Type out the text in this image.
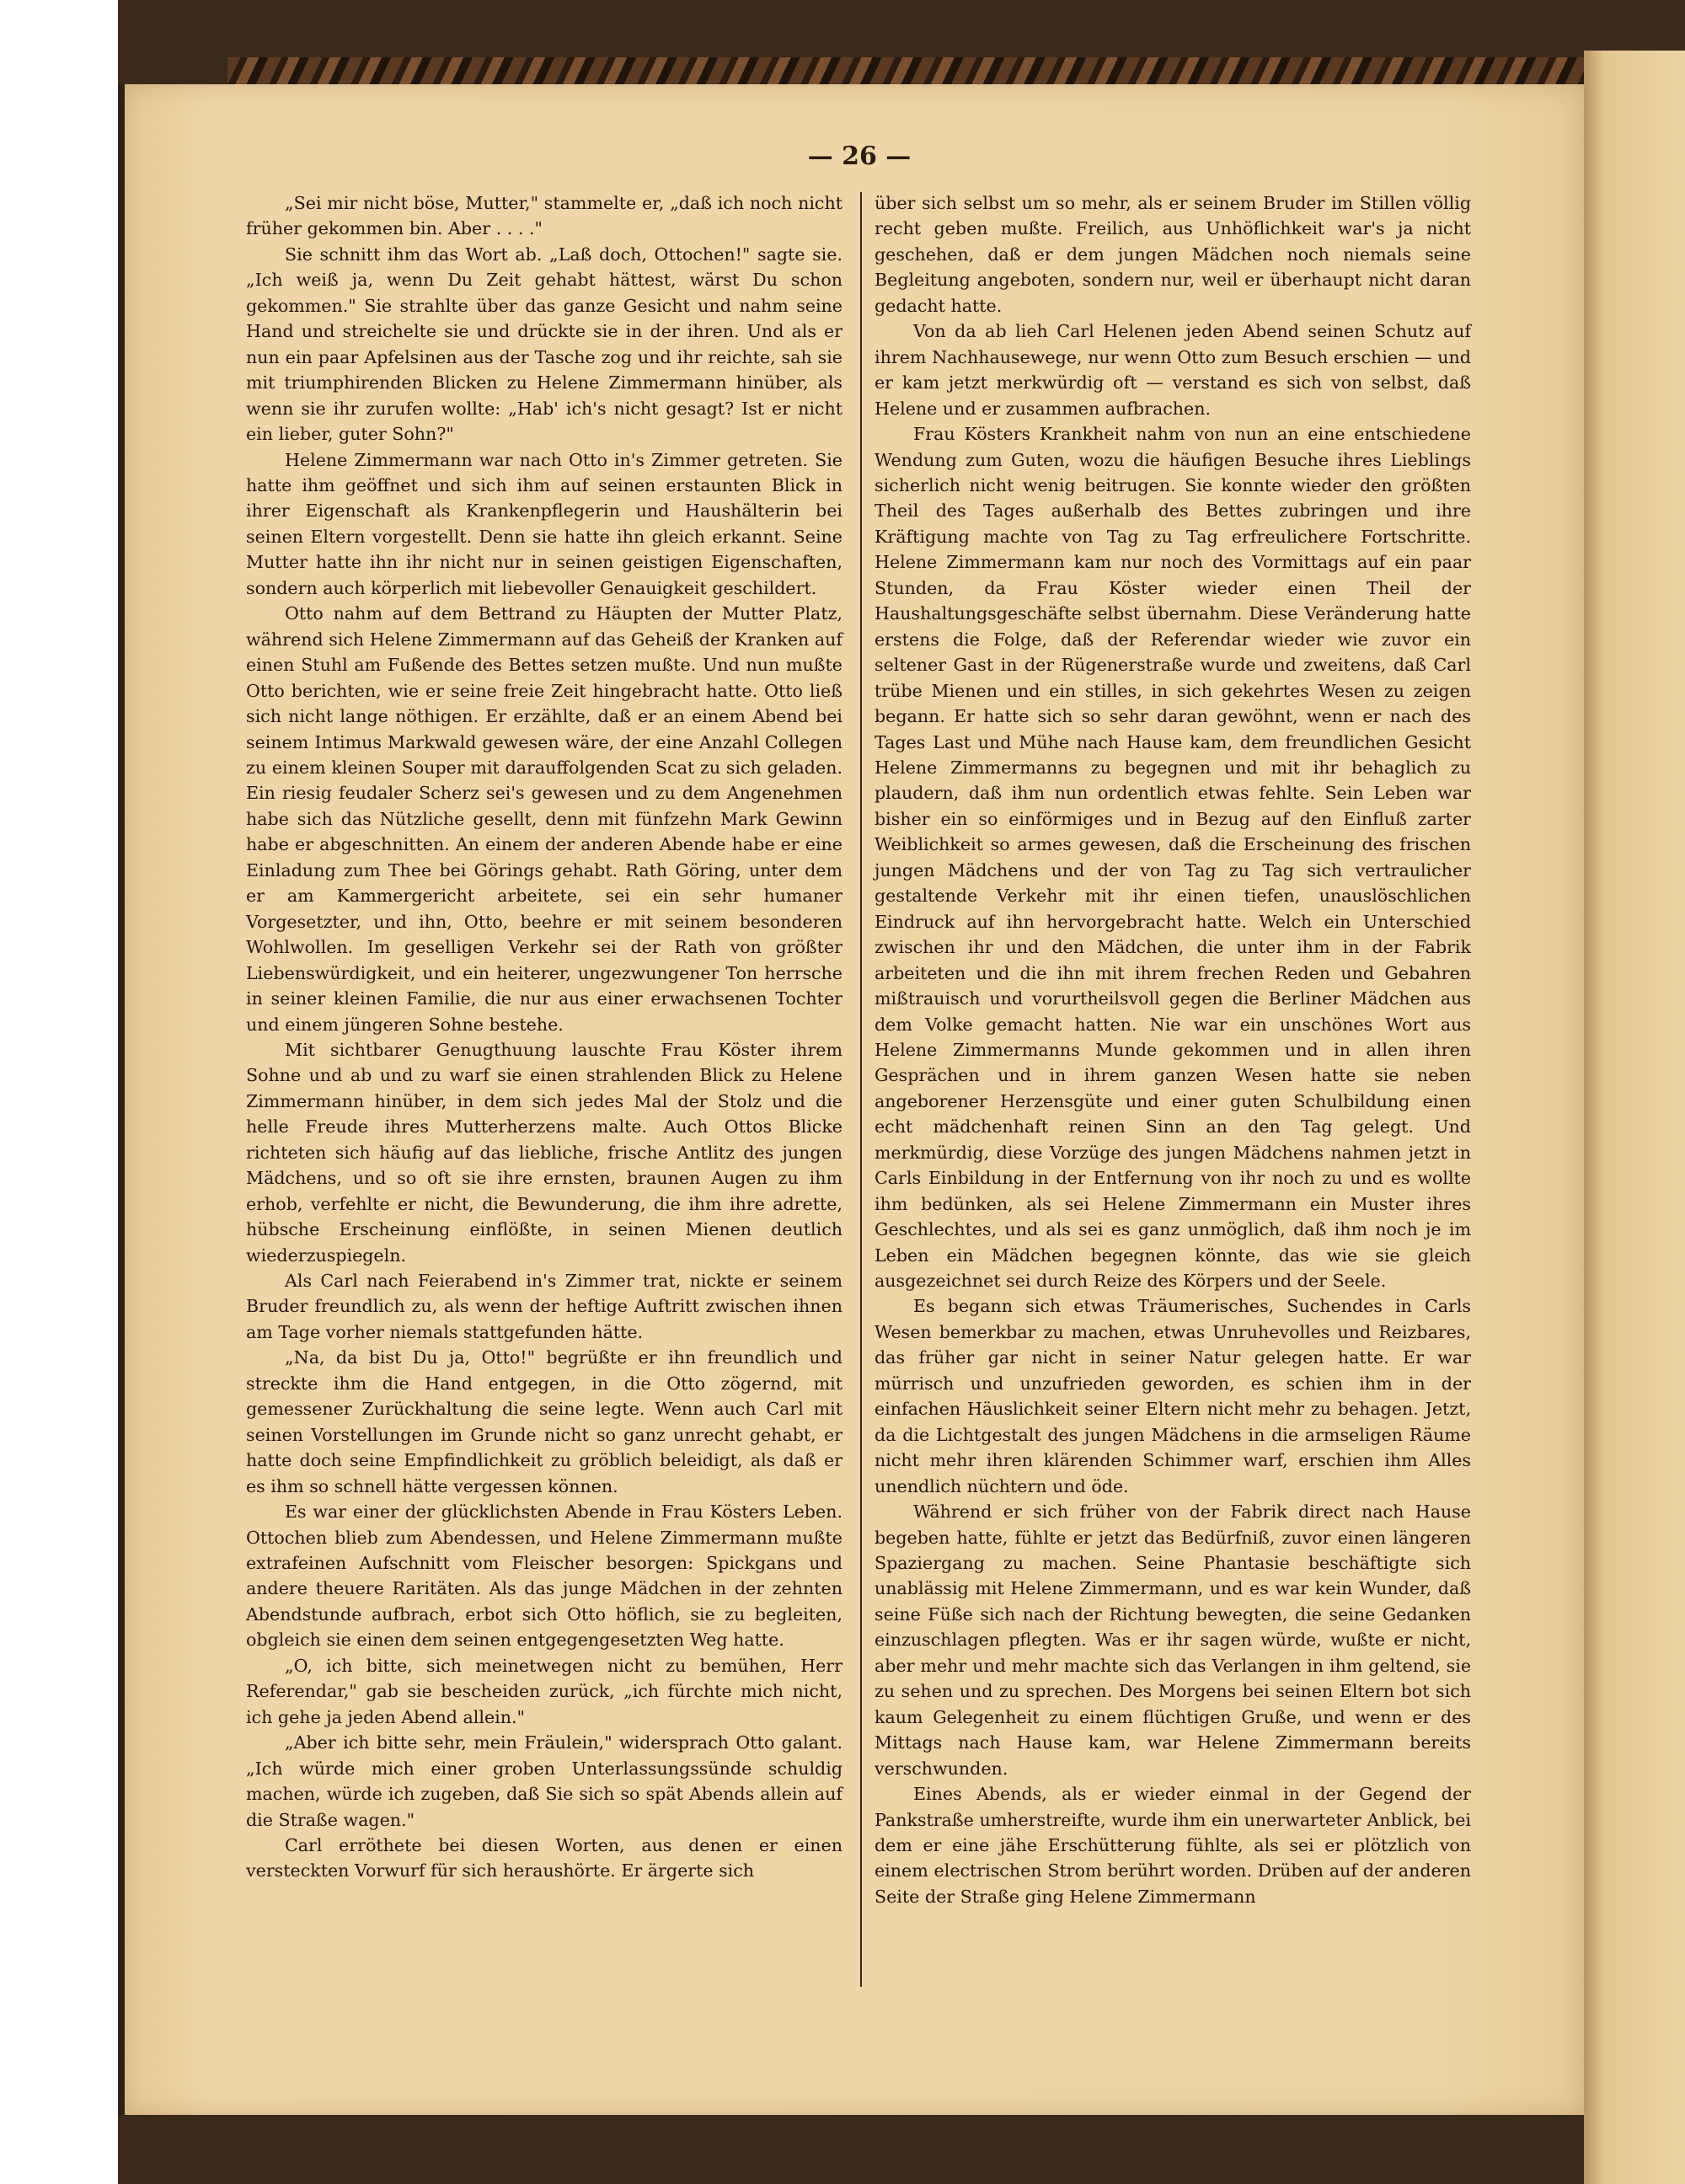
— 26 —

„Sei mir nicht böse, Mutter," stammelte er, „daß ich noch nicht früher gekommen bin. Aber . . . ."

Sie schnitt ihm das Wort ab. „Laß doch, Ottochen!" sagte sie. „Ich weiß ja, wenn Du Zeit gehabt hättest, wärst Du schon gekommen." Sie strahlte über das ganze Gesicht und nahm seine Hand und streichelte sie und drückte sie in der ihren. Und als er nun ein paar Apfelsinen aus der Tasche zog und ihr reichte, sah sie mit triumphirenden Blicken zu Helene Zimmermann hinüber, als wenn sie ihr zurufen wollte: „Hab' ich's nicht gesagt? Ist er nicht ein lieber, guter Sohn?"

Helene Zimmermann war nach Otto in's Zimmer getreten. Sie hatte ihm geöffnet und sich ihm auf seinen erstaunten Blick in ihrer Eigenschaft als Krankenpflegerin und Haushälterin bei seinen Eltern vorgestellt. Denn sie hatte ihn gleich erkannt. Seine Mutter hatte ihn ihr nicht nur in seinen geistigen Eigenschaften, sondern auch körperlich mit liebevoller Genauigkeit geschildert.

Otto nahm auf dem Bettrand zu Häupten der Mutter Platz, während sich Helene Zimmermann auf das Geheiß der Kranken auf einen Stuhl am Fußende des Bettes setzen mußte. Und nun mußte Otto berichten, wie er seine freie Zeit hingebracht hatte. Otto ließ sich nicht lange nöthigen. Er erzählte, daß er an einem Abend bei seinem Intimus Markwald gewesen wäre, der eine Anzahl Collegen zu einem kleinen Souper mit darauffolgenden Scat zu sich geladen. Ein riesig feudaler Scherz sei's gewesen und zu dem Angenehmen habe sich das Nützliche gesellt, denn mit fünfzehn Mark Gewinn habe er abgeschnitten. An einem der anderen Abende habe er eine Einladung zum Thee bei Görings gehabt. Rath Göring, unter dem er am Kammergericht arbeitete, sei ein sehr humaner Vorgesetzter, und ihn, Otto, beehre er mit seinem besonderen Wohlwollen. Im geselligen Verkehr sei der Rath von größter Liebenswürdigkeit, und ein heiterer, ungezwungener Ton herrsche in seiner kleinen Familie, die nur aus einer erwachsenen Tochter und einem jüngeren Sohne bestehe.

Mit sichtbarer Genugthuung lauschte Frau Köster ihrem Sohne und ab und zu warf sie einen strahlenden Blick zu Helene Zimmermann hinüber, in dem sich jedes Mal der Stolz und die helle Freude ihres Mutterherzens malte. Auch Ottos Blicke richteten sich häufig auf das liebliche, frische Antlitz des jungen Mädchens, und so oft sie ihre ernsten, braunen Augen zu ihm erhob, verfehlte er nicht, die Bewunderung, die ihm ihre adrette, hübsche Erscheinung einflößte, in seinen Mienen deutlich wiederzuspiegeln.

Als Carl nach Feierabend in's Zimmer trat, nickte er seinem Bruder freundlich zu, als wenn der heftige Auftritt zwischen ihnen am Tage vorher niemals stattgefunden hätte.

„Na, da bist Du ja, Otto!" begrüßte er ihn freundlich und streckte ihm die Hand entgegen, in die Otto zögernd, mit gemessener Zurückhaltung die seine legte. Wenn auch Carl mit seinen Vorstellungen im Grunde nicht so ganz unrecht gehabt, er hatte doch seine Empfindlichkeit zu gröblich beleidigt, als daß er es ihm so schnell hätte vergessen können.

Es war einer der glücklichsten Abende in Frau Kösters Leben. Ottochen blieb zum Abendessen, und Helene Zimmermann mußte extrafeinen Aufschnitt vom Fleischer besorgen: Spickgans und andere theuere Raritäten. Als das junge Mädchen in der zehnten Abendstunde aufbrach, erbot sich Otto höflich, sie zu begleiten, obgleich sie einen dem seinen entgegengesetzten Weg hatte.

„O, ich bitte, sich meinetwegen nicht zu bemühen, Herr Referendar," gab sie bescheiden zurück, „ich fürchte mich nicht, ich gehe ja jeden Abend allein."

„Aber ich bitte sehr, mein Fräulein," widersprach Otto galant. „Ich würde mich einer groben Unterlassungssünde schuldig machen, würde ich zugeben, daß Sie sich so spät Abends allein auf die Straße wagen."

Carl erröthete bei diesen Worten, aus denen er einen versteckten Vorwurf für sich heraushörte. Er ärgerte sich

über sich selbst um so mehr, als er seinem Bruder im Stillen völlig recht geben mußte. Freilich, aus Unhöflichkeit war's ja nicht geschehen, daß er dem jungen Mädchen noch niemals seine Begleitung angeboten, sondern nur, weil er überhaupt nicht daran gedacht hatte.

Von da ab lieh Carl Helenen jeden Abend seinen Schutz auf ihrem Nachhausewege, nur wenn Otto zum Besuch erschien — und er kam jetzt merkwürdig oft — verstand es sich von selbst, daß Helene und er zusammen aufbrachen.

Frau Kösters Krankheit nahm von nun an eine entschiedene Wendung zum Guten, wozu die häufigen Besuche ihres Lieblings sicherlich nicht wenig beitrugen. Sie konnte wieder den größten Theil des Tages außerhalb des Bettes zubringen und ihre Kräftigung machte von Tag zu Tag erfreulichere Fortschritte. Helene Zimmermann kam nur noch des Vormittags auf ein paar Stunden, da Frau Köster wieder einen Theil der Haushaltungsgeschäfte selbst übernahm. Diese Veränderung hatte erstens die Folge, daß der Referendar wieder wie zuvor ein seltener Gast in der Rügenerstraße wurde und zweitens, daß Carl trübe Mienen und ein stilles, in sich gekehrtes Wesen zu zeigen begann. Er hatte sich so sehr daran gewöhnt, wenn er nach des Tages Last und Mühe nach Hause kam, dem freundlichen Gesicht Helene Zimmermanns zu begegnen und mit ihr behaglich zu plaudern, daß ihm nun ordentlich etwas fehlte. Sein Leben war bisher ein so einförmiges und in Bezug auf den Einfluß zarter Weiblichkeit so armes gewesen, daß die Erscheinung des frischen jungen Mädchens und der von Tag zu Tag sich vertraulicher gestaltende Verkehr mit ihr einen tiefen, unauslöschlichen Eindruck auf ihn hervorgebracht hatte. Welch ein Unterschied zwischen ihr und den Mädchen, die unter ihm in der Fabrik arbeiteten und die ihn mit ihrem frechen Reden und Gebahren mißtrauisch und vorurtheilsvoll gegen die Berliner Mädchen aus dem Volke gemacht hatten. Nie war ein unschönes Wort aus Helene Zimmermanns Munde gekommen und in allen ihren Gesprächen und in ihrem ganzen Wesen hatte sie neben angeborener Herzensgüte und einer guten Schulbildung einen echt mädchenhaft reinen Sinn an den Tag gelegt. Und merkmürdig, diese Vorzüge des jungen Mädchens nahmen jetzt in Carls Einbildung in der Entfernung von ihr noch zu und es wollte ihm bedünken, als sei Helene Zimmermann ein Muster ihres Geschlechtes, und als sei es ganz unmöglich, daß ihm noch je im Leben ein Mädchen begegnen könnte, das wie sie gleich ausgezeichnet sei durch Reize des Körpers und der Seele.

Es begann sich etwas Träumerisches, Suchendes in Carls Wesen bemerkbar zu machen, etwas Unruhevolles und Reizbares, das früher gar nicht in seiner Natur gelegen hatte. Er war mürrisch und unzufrieden geworden, es schien ihm in der einfachen Häuslichkeit seiner Eltern nicht mehr zu behagen. Jetzt, da die Lichtgestalt des jungen Mädchens in die armseligen Räume nicht mehr ihren klärenden Schimmer warf, erschien ihm Alles unendlich nüchtern und öde.

Während er sich früher von der Fabrik direct nach Hause begeben hatte, fühlte er jetzt das Bedürfniß, zuvor einen längeren Spaziergang zu machen. Seine Phantasie beschäftigte sich unablässig mit Helene Zimmermann, und es war kein Wunder, daß seine Füße sich nach der Richtung bewegten, die seine Gedanken einzuschlagen pflegten. Was er ihr sagen würde, wußte er nicht, aber mehr und mehr machte sich das Verlangen in ihm geltend, sie zu sehen und zu sprechen. Des Morgens bei seinen Eltern bot sich kaum Gelegenheit zu einem flüchtigen Gruße, und wenn er des Mittags nach Hause kam, war Helene Zimmermann bereits verschwunden.

Eines Abends, als er wieder einmal in der Gegend der Pankstraße umherstreifte, wurde ihm ein unerwarteter Anblick, bei dem er eine jähe Erschütterung fühlte, als sei er plötzlich von einem electrischen Strom berührt worden. Drüben auf der anderen Seite der Straße ging Helene Zimmermann
